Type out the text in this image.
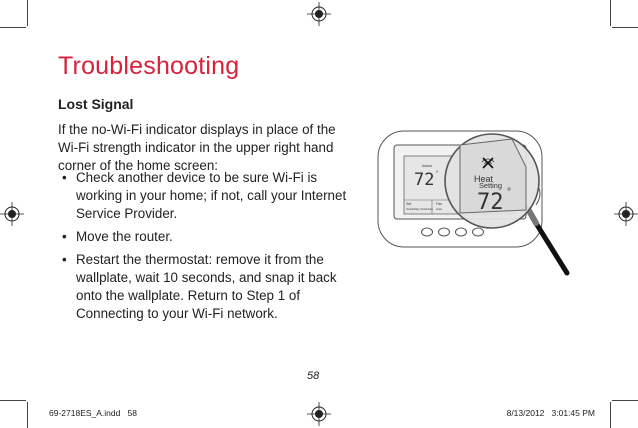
Troubleshooting
Lost Signal

If the no-Wi-Fi indicator displays in place of the Wi-Fi strength indicator in the upper right hand corner of the home screen:

• Check another device to be sure Wi-Fi is working in your home; if not, call your Internet Service Provider.
• Move the router.
• Restart the thermostat: remove it from the wallplate, wait 10 seconds, and snap it back onto the wallplate. Return to Step 1 of Connecting to your Wi-Fi network.
Indoor
72 °
Set
Clock/Day Schedule
Fan
Auto
Heat
Setting
72 °
58
69-2718ES_A.indd 58	8/13/2012 3:01:45 PM
